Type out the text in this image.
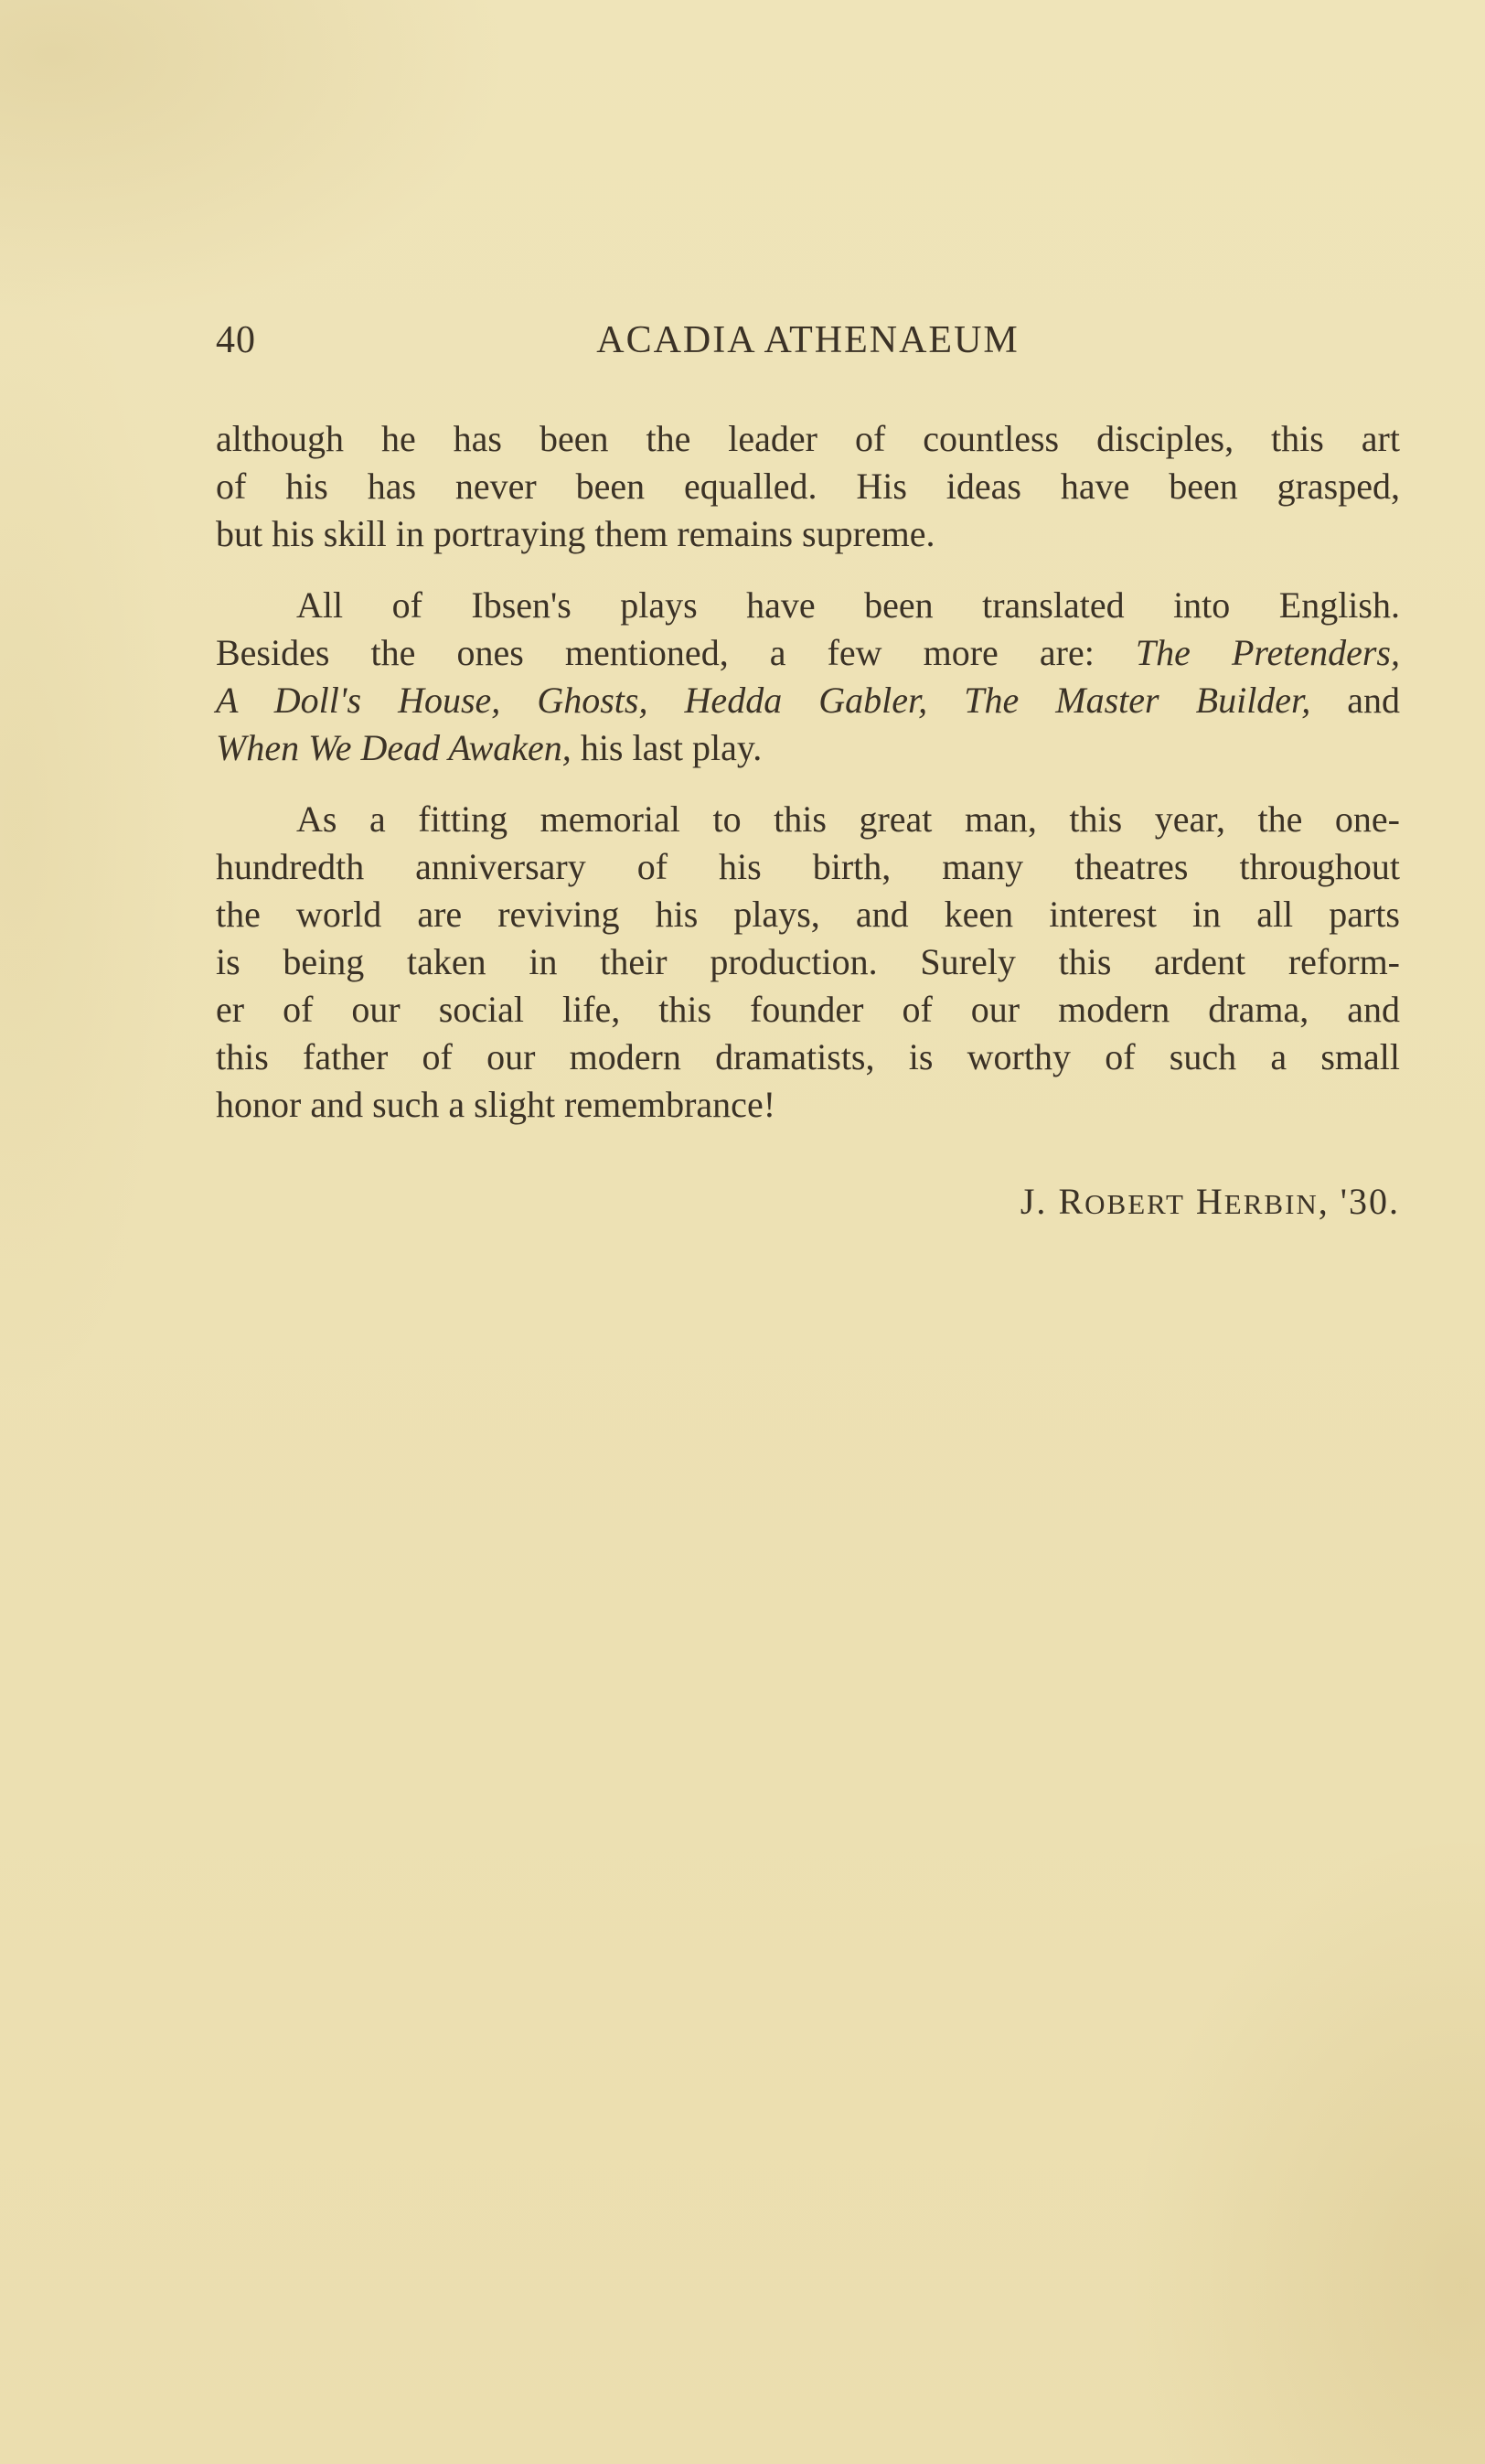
40	ACADIA ATHENAEUM
although he has been the leader of countless disciples, this art
of his has never been equalled. His ideas have been grasped,
but his skill in portraying them remains supreme.
All of Ibsen's plays have been translated into English.
Besides the ones mentioned, a few more are: The Pretenders,
A Doll's House, Ghosts, Hedda Gabler, The Master Builder, and
When We Dead Awaken, his last play.
As a fitting memorial to this great man, this year, the one-
hundredth anniversary of his birth, many theatres throughout
the world are reviving his plays, and keen interest in all parts
is being taken in their production. Surely this ardent reform-
er of our social life, this founder of our modern drama, and
this father of our modern dramatists, is worthy of such a small
honor and such a slight remembrance!
J. ROBERT HERBIN, '30.
